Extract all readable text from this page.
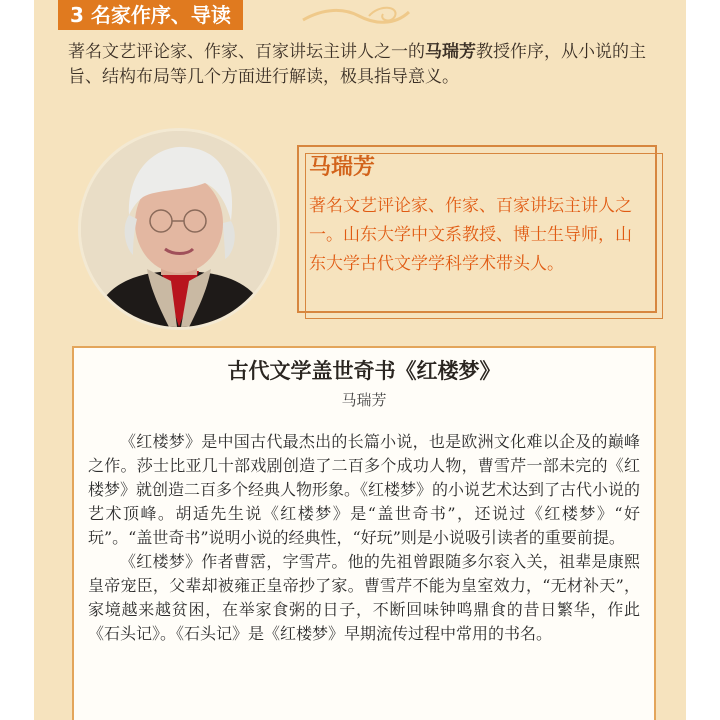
3 名家作序、导读
著名文艺评论家、作家、百家讲坛主讲人之一的马瑞芳教授作序，从小说的主旨、结构布局等几个方面进行解读，极具指导意义。
马瑞芳
著名文艺评论家、作家、百家讲坛主讲人之一。山东大学中文系教授、博士生导师，山东大学古代文学学科学术带头人。
古代文学盖世奇书《红楼梦》
马瑞芳

《红楼梦》是中国古代最杰出的长篇小说，也是欧洲文化难以企及的巅峰之作。莎士比亚几十部戏剧创造了二百多个成功人物，曹雪芹一部未完的《红楼梦》就创造二百多个经典人物形象。《红楼梦》的小说艺术达到了古代小说的艺术顶峰。胡适先生说《红楼梦》是“盖世奇书”，还说过《红楼梦》“好玩”。“盖世奇书”说明小说的经典性，“好玩”则是小说吸引读者的重要前提。

《红楼梦》作者曹霑，字雪芹。他的先祖曾跟随多尔衮入关，祖辈是康熙皇帝宠臣，父辈却被雍正皇帝抄了家。曹雪芹不能为皇室效力，“无材补天”，家境越来越贫困，在举家食粥的日子，不断回味钟鸣鼎食的昔日繁华，作此《石头记》。《石头记》是《红楼梦》早期流传过程中常用的书名。
